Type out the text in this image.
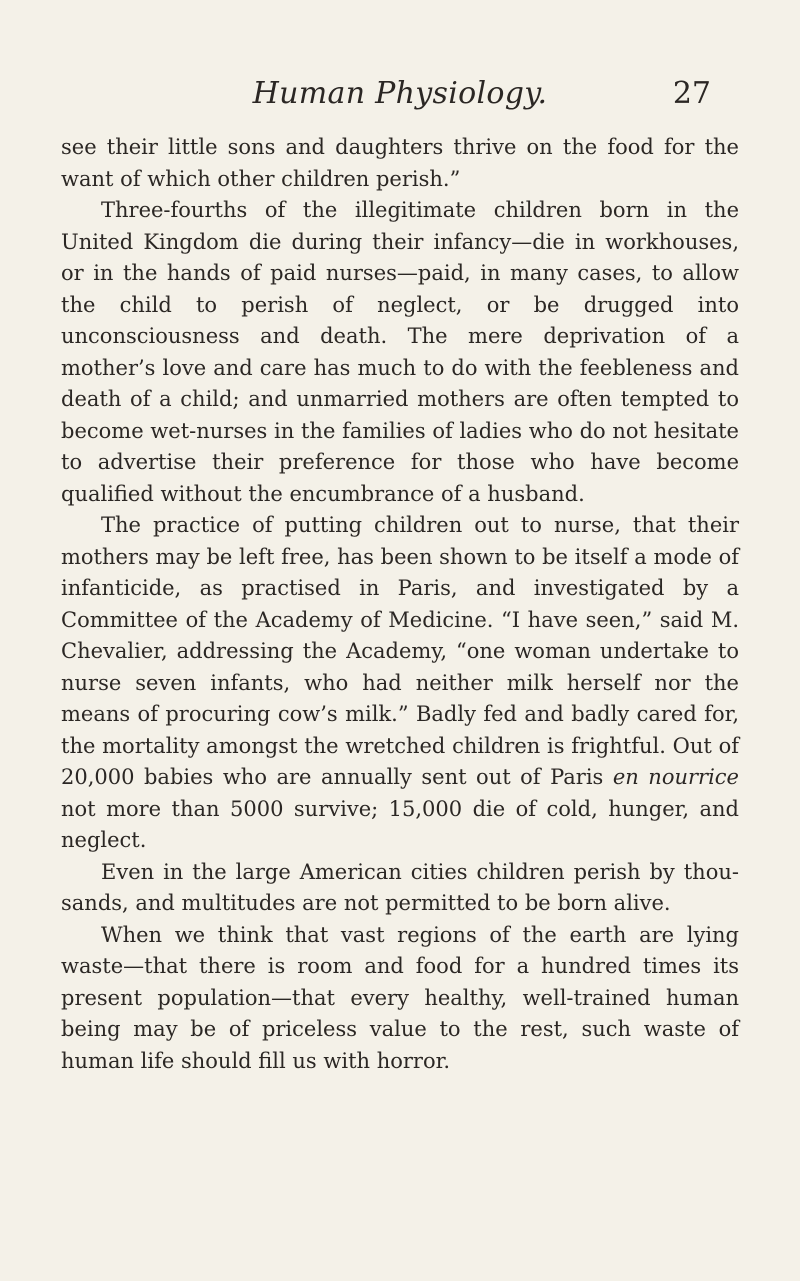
Human Physiology.	27

see their little sons and daughters thrive on the food for the want of which other children perish.”

Three-fourths of the illegitimate children born in the United Kingdom die during their infancy—die in workhouses, or in the hands of paid nurses—paid, in many cases, to allow the child to perish of neglect, or be drugged into unconsciousness and death. The mere deprivation of a mother’s love and care has much to do with the feebleness and death of a child; and unmarried mothers are often tempted to become wet-nurses in the families of ladies who do not hesitate to advertise their preference for those who have become qualified without the encumbrance of a husband.

The practice of putting children out to nurse, that their mothers may be left free, has been shown to be itself a mode of infanticide, as practised in Paris, and investigated by a Committee of the Academy of Medicine. “I have seen,” said M. Chevalier, addressing the Academy, “one woman undertake to nurse seven infants, who had neither milk herself nor the means of procuring cow’s milk.” Badly fed and badly cared for, the mortality amongst the wretched children is frightful. Out of 20,000 babies who are annually sent out of Paris en nourrice not more than 5000 survive; 15,000 die of cold, hunger, and neglect.

Even in the large American cities children perish by thousands, and multitudes are not permitted to be born alive.

When we think that vast regions of the earth are lying waste—that there is room and food for a hundred times its present population—that every healthy, well-trained human being may be of priceless value to the rest, such waste of human life should fill us with horror.
